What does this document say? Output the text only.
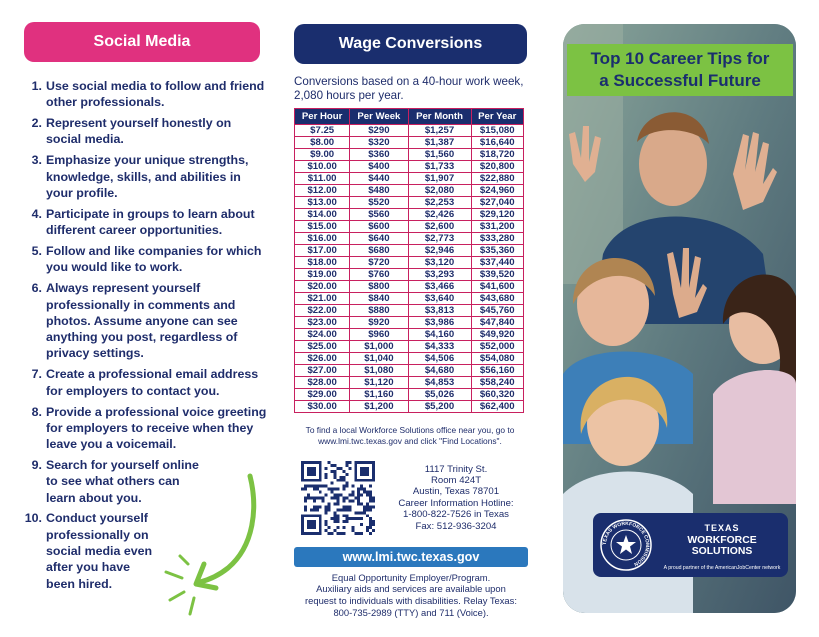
Social Media
1. Use social media to follow and friend other professionals.
2. Represent yourself honestly on social media.
3. Emphasize your unique strengths, knowledge, skills, and abilities in your profile.
4. Participate in groups to learn about different career opportunities.
5. Follow and like companies for which you would like to work.
6. Always represent yourself professionally in comments and photos. Assume anyone can see anything you post, regardless of privacy settings.
7. Create a professional email address for employers to contact you.
8. Provide a professional voice greeting for employers to receive when they leave you a voicemail.
9. Search for yourself online to see what others can learn about you.
10. Conduct yourself professionally on social media even after you have been hired.
Wage Conversions

Conversions based on a 40-hour work week, 2,080 hours per year.

Per Hour	Per Week	Per Month	Per Year
$7.25	$290	$1,257	$15,080
$8.00	$320	$1,387	$16,640
$9.00	$360	$1,560	$18,720
$10.00	$400	$1,733	$20,800
$11.00	$440	$1,907	$22,880
$12.00	$480	$2,080	$24,960
$13.00	$520	$2,253	$27,040
$14.00	$560	$2,426	$29,120
$15.00	$600	$2,600	$31,200
$16.00	$640	$2,773	$33,280
$17.00	$680	$2,946	$35,360
$18.00	$720	$3,120	$37,440
$19.00	$760	$3,293	$39,520
$20.00	$800	$3,466	$41,600
$21.00	$840	$3,640	$43,680
$22.00	$880	$3,813	$45,760
$23.00	$920	$3,986	$47,840
$24.00	$960	$4,160	$49,920
$25.00	$1,000	$4,333	$52,000
$26.00	$1,040	$4,506	$54,080
$27.00	$1,080	$4,680	$56,160
$28.00	$1,120	$4,853	$58,240
$29.00	$1,160	$5,026	$60,320
$30.00	$1,200	$5,200	$62,400

To find a local Workforce Solutions office near you, go to www.lmi.twc.texas.gov and click "Find Locations".

1117 Trinity St.
Room 424T
Austin, Texas 78701
Career Information Hotline:
1-800-822-7526 in Texas
Fax: 512-936-3204
www.lmi.twc.texas.gov
Equal Opportunity Employer/Program.
Auxiliary aids and services are available upon
request to individuals with disabilities. Relay Texas:
800-735-2989 (TTY) and 711 (Voice).
Top 10 Career Tips for
a Successful Future
TEXAS WORKFORCE COMMISSION
TEXAS
WORKFORCE SOLUTIONS
A proud partner of the AmericanJobCenter network
